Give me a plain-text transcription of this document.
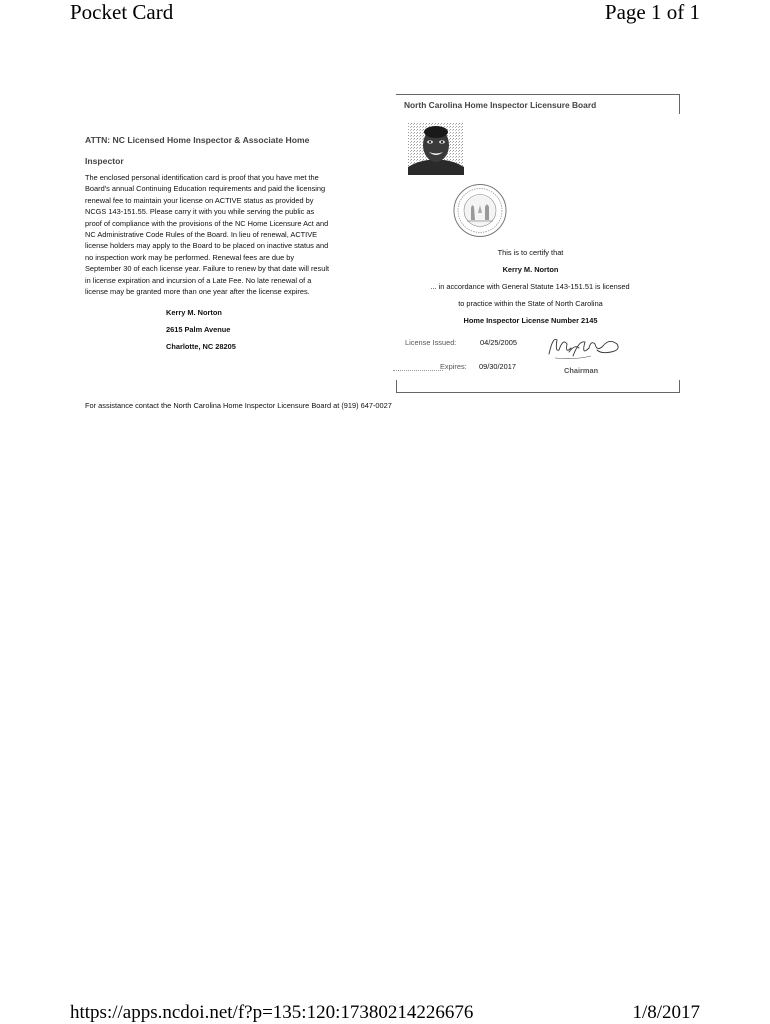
Pocket Card	Page 1 of 1
ATTN: NC Licensed Home Inspector & Associate Home
Inspector
The enclosed personal identification card is proof that you have met the
Board's annual Continuing Education requirements and paid the licensing
renewal fee to maintain your license on ACTIVE status as provided by
NCGS 143-151.55. Please carry it with you while serving the public as
proof of compliance with the provisions of the NC Home Licensure Act and
NC Administrative Code Rules of the Board. In lieu of renewal, ACTIVE
license holders may apply to the Board to be placed on inactive status and
no inspection work may be performed. Renewal fees are due by
September 30 of each license year. Failure to renew by that date will result
in license expiration and incursion of a Late Fee. No late renewal of a
license may be granted more than one year after the license expires.
Kerry M. Norton
2615 Palm Avenue
Charlotte, NC 28205
North Carolina Home Inspector Licensure Board
This is to certify that
Kerry M. Norton
... in accordance with General Statute 143-151.51 is licensed
to practice within the State of North Carolina
Home Inspector License Number 2145
License Issued:	04/25/2005
Expires: 09/30/2017	Chairman
For assistance contact the North Carolina Home Inspector Licensure Board at (919) 647-0027
https://apps.ncdoi.net/f?p=135:120:17380214226676	1/8/2017
